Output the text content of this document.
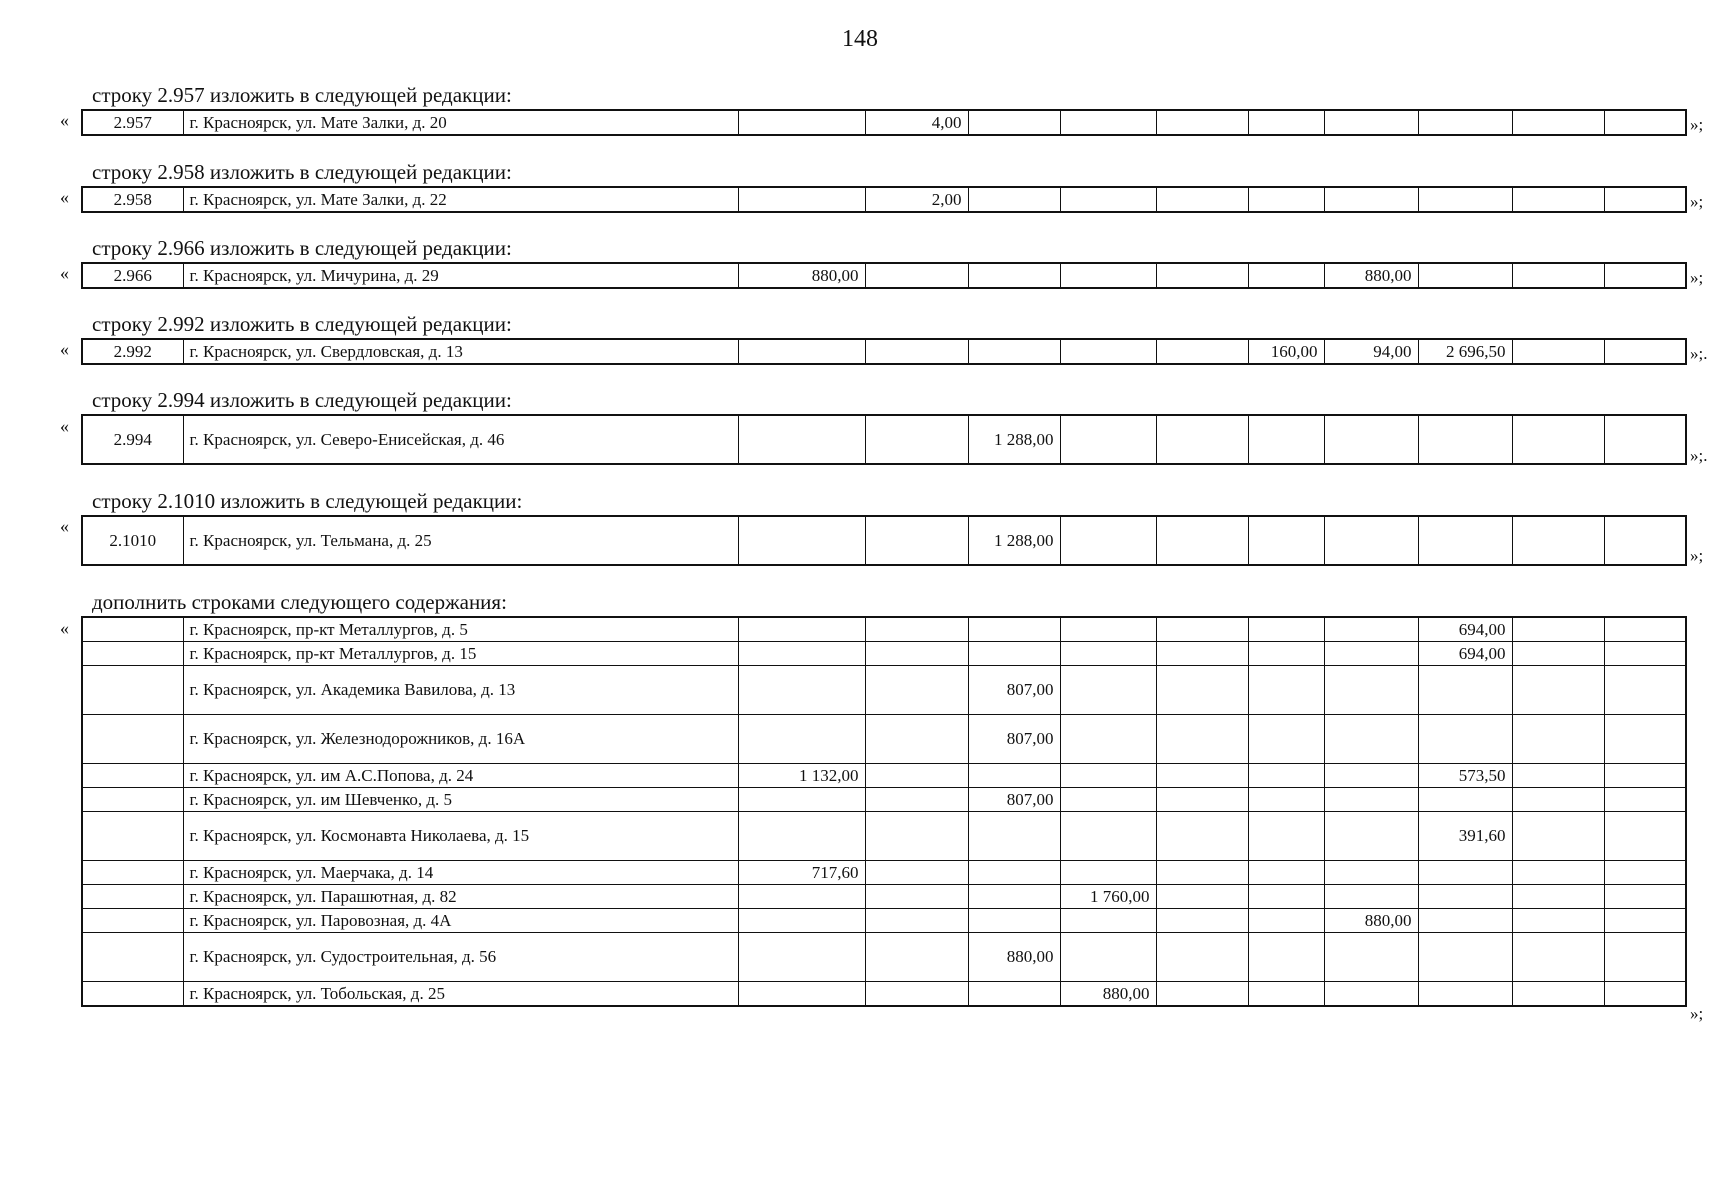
148
строку 2.957 изложить в следующей редакции:
«	2.957	г. Красноярск, ул. Мате Залки, д. 20		4,00									»;
строку 2.958 изложить в следующей редакции:
«	2.958	г. Красноярск, ул. Мате Залки, д. 22		2,00									»;
строку 2.966 изложить в следующей редакции:
«	2.966	г. Красноярск, ул. Мичурина, д. 29	880,00						880,00				»;
строку 2.992 изложить в следующей редакции:
«	2.992	г. Красноярск, ул. Свердловская, д. 13						160,00	94,00	2 696,50			»;.
строку 2.994 изложить в следующей редакции:
«
2.994	г. Красноярск, ул. Северо-Енисейская, д. 46			1 288,00							
»;.
строку 2.1010 изложить в следующей редакции:
«
2.1010	г. Красноярск, ул. Тельмана, д. 25			1 288,00							
»;
дополнить строками следующего содержания:
«
		г. Красноярск, пр-кт Металлургов, д. 5								694,00		
	г. Красноярск, пр-кт Металлургов, д. 15								694,00		
	г. Красноярск, ул. Академика Вавилова, д. 13			807,00							
	г. Красноярск, ул. Железнодорожников, д. 16А			807,00							
	г. Красноярск, ул. им А.С.Попова, д. 24	1 132,00							573,50		
	г. Красноярск, ул. им Шевченко, д. 5			807,00							
	г. Красноярск, ул. Космонавта Николаева, д. 15								391,60		
	г. Красноярск, ул. Маерчака, д. 14	717,60									
	г. Красноярск, ул. Парашютная, д. 82				1 760,00						
	г. Красноярск, ул. Паровозная, д. 4А							880,00			
	г. Красноярск, ул. Судостроительная, д. 56			880,00							
	г. Красноярск, ул. Тобольская, д. 25				880,00						
»;
